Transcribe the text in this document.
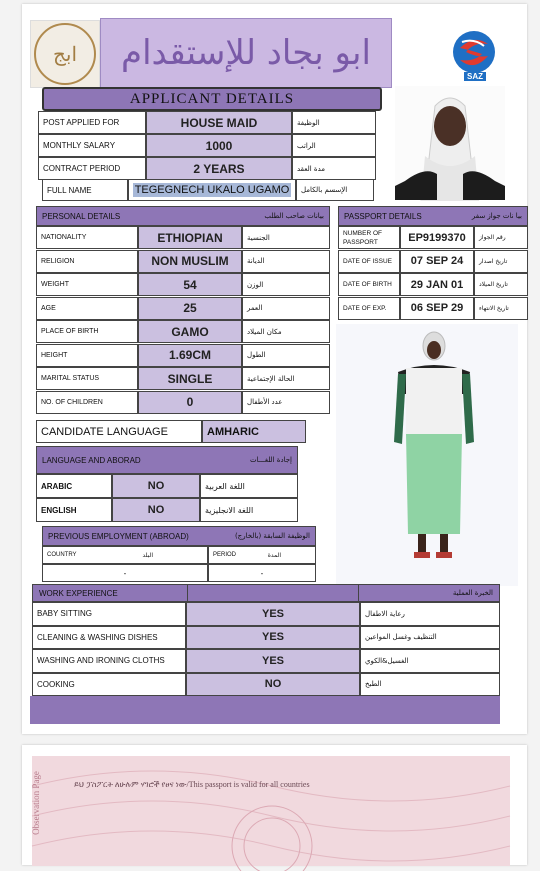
ابج ابو بجاد للإستقدام
SAZ
APPLICANT DETAILS
POST APPLIED FOR	HOUSE MAID	الوظيفة
MONTHLY SALARY	1000	الراتب
CONTRACT PERIOD	2 YEARS	مدة العقد
FULL NAME	TEGEGNECH UKALO UGAMO	الإسسم بالكامل
PERSONAL DETAILS	بيانات صاحب الطلب
NATIONALITY	ETHIOPIAN	الجنسية
RELIGION	NON MUSLIM	الديانة
WEIGHT	54	الوزن
AGE	25	العمر
PLACE OF BIRTH	GAMO	مكان الميلاد
HEIGHT	1.69CM	الطول
MARITAL STATUS	SINGLE	الحالة الإجتماعية
NO. OF CHILDREN	0	عدد الأطفال
PASSPORT DETAILS	بيا نات جواز سفر
NUMBER OF PASSPORT	EP9199370	رقم الجواز
DATE OF ISSUE	07 SEP 24	تاريخ اصدار
DATE OF BIRTH	29 JAN 01	تاريخ الميلاد
DATE OF EXP.	06 SEP 29	تاريخ الانتهاء
CANDIDATE LANGUAGE	AMHARIC
LANGUAGE AND ABORAD	إجادة اللغـــات
ARABIC	NO	اللغة العربية
ENGLISH	NO	اللغة الانجليزية
PREVIOUS EMPLOYMENT (ABROAD)	الوظيفة السابقة (بالخارج)
COUNTRY	البلد	PERIOD	المدة
-	-
WORK EXPERIENCE	الخبرة العملية
BABY SITTING	YES	رعاية الاطفال
CLEANING & WASHING DISHES	YES	التنظيف وغسل المواعين
WASHING AND IRONING CLOTHS	YES	الغسيل&الكوي
COOKING	NO	الطبخ
Observation Page	ይህ ፓስፖርት ለሁሉም ሃገሮች የፀና ነው/This passport is valid for all countries
